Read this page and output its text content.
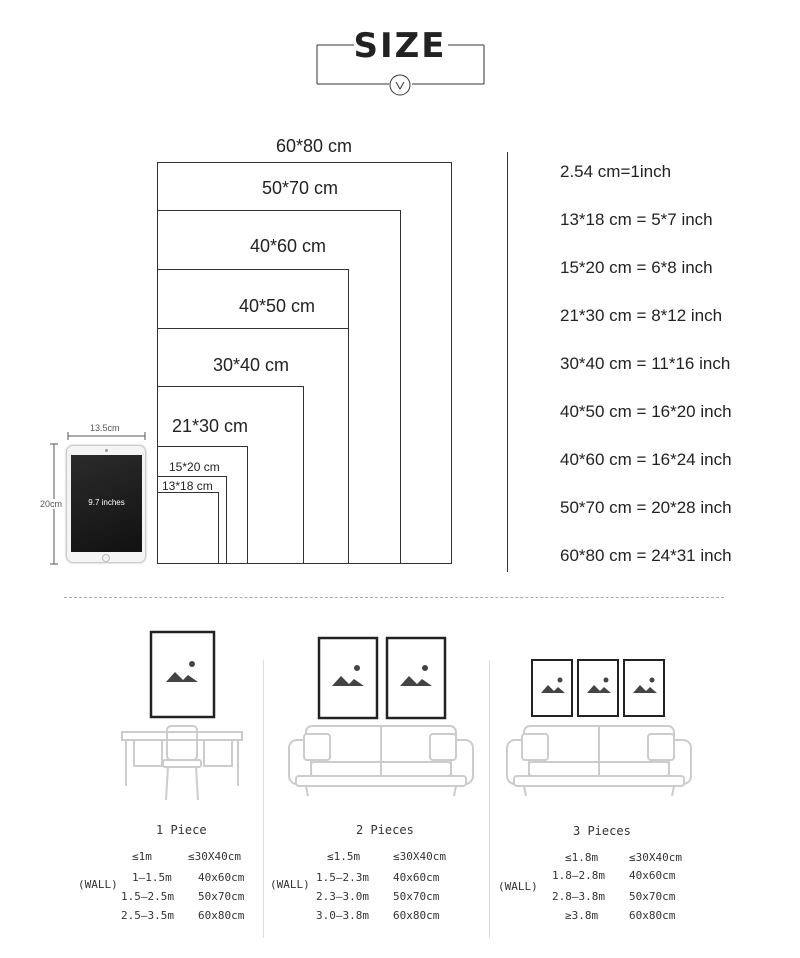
SIZE
60*80 cm
50*70 cm
40*60 cm
40*50 cm
30*40 cm
21*30 cm
15*20 cm
13*18 cm
13.5cm
20cm	9.7 inches
2.54 cm=1inch
13*18 cm = 5*7 inch
15*20 cm = 6*8 inch
21*30 cm = 8*12 inch
30*40 cm = 11*16 inch
40*50 cm = 16*20 inch
40*60 cm = 16*24 inch
50*70 cm = 20*28 inch
60*80 cm = 24*31 inch
1 Piece
(WALL)
≤1m	≤30X40cm
1–1.5m 40x60cm
1.5–2.5m 50x70cm
2.5–3.5m 60x80cm
2 Pieces
(WALL)
≤1.5m	≤30X40cm
1.5–2.3m 40x60cm
2.3–3.0m 50x70cm
3.0–3.8m 60x80cm
3 Pieces
(WALL)
≤1.8m	≤30X40cm
1.8–2.8m 40x60cm
2.8–3.8m 50x70cm
≥3.8m	60x80cm
